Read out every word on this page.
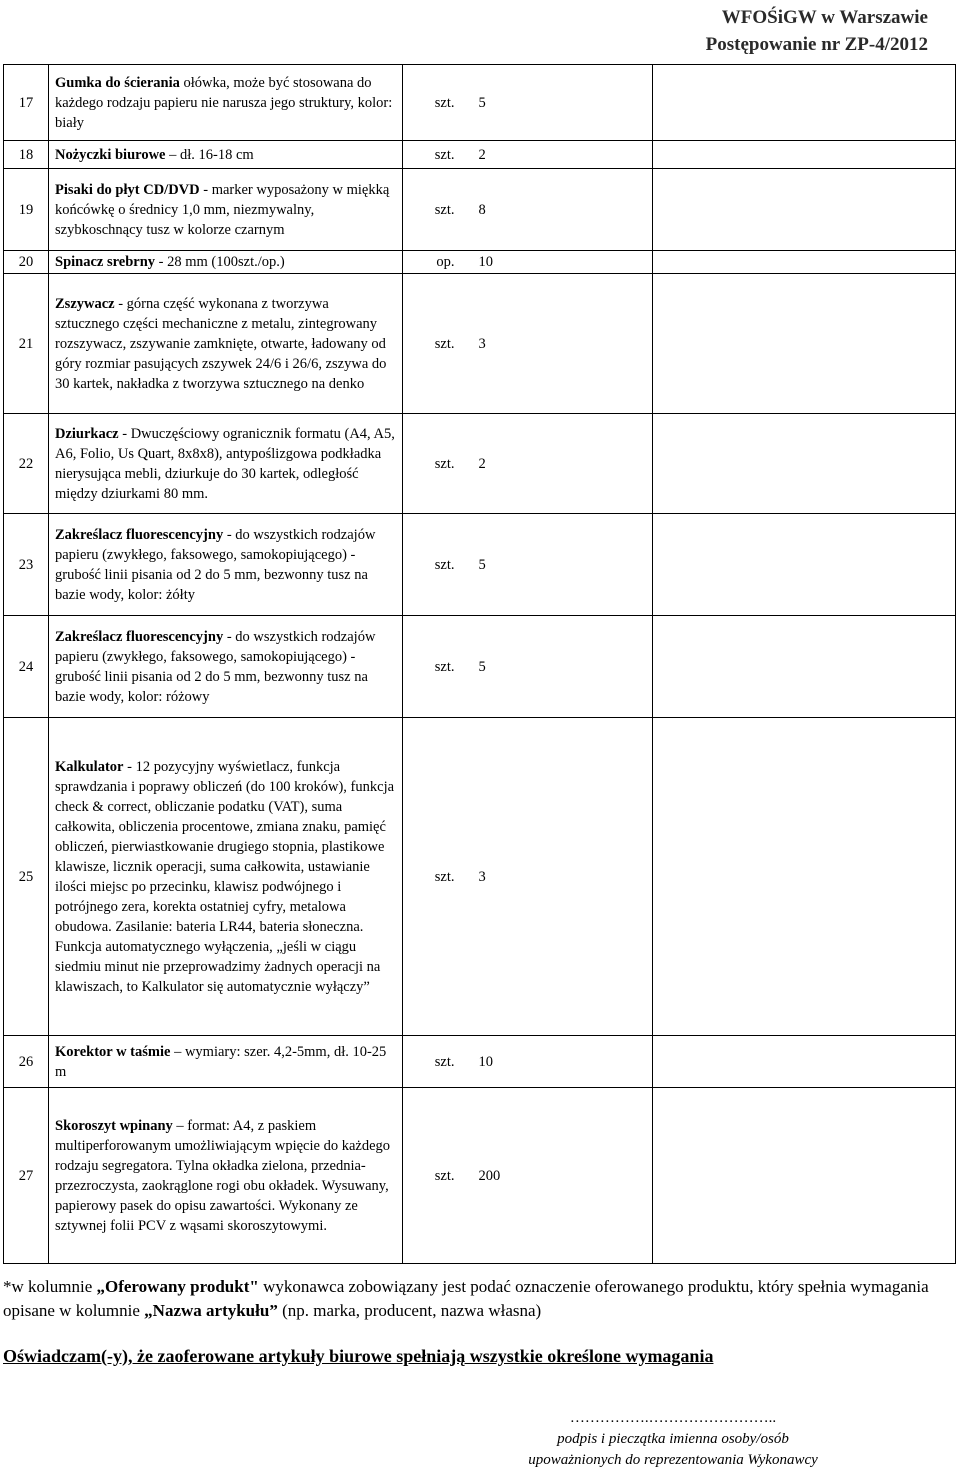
WFOŚiGW w Warszawie
Postępowanie nr ZP-4/2012
17	Gumka do ścierania ołówka, może być stosowana do każdego rodzaju papieru nie narusza jego struktury, kolor: biały	szt.	5	
18	Nożyczki biurowe – dł. 16-18 cm	szt.	2	
19	Pisaki do płyt CD/DVD - marker wyposażony w miękką końcówkę o średnicy 1,0 mm, niezmywalny, szybkoschnący tusz w kolorze czarnym	szt.	8	
20	Spinacz srebrny - 28 mm (100szt./op.)	op.	10	
21	Zszywacz - górna część wykonana z tworzywa sztucznego części mechaniczne z metalu, zintegrowany rozszywacz, zszywanie zamknięte, otwarte, ładowany od góry rozmiar pasujących zszywek 24/6 i 26/6, zszywa do 30 kartek, nakładka z tworzywa sztucznego na denko	szt.	3	
22	Dziurkacz - Dwuczęściowy ogranicznik formatu (A4, A5, A6, Folio, Us Quart, 8x8x8), antypoślizgowa podkładka nierysująca mebli, dziurkuje do 30 kartek, odległość między dziurkami 80 mm.	szt.	2	
23	Zakreślacz fluorescencyjny - do wszystkich rodzajów papieru (zwykłego, faksowego, samokopiującego) - grubość linii pisania od 2 do 5 mm, bezwonny tusz na bazie wody, kolor: żółty	szt.	5	
24	Zakreślacz fluorescencyjny - do wszystkich rodzajów papieru (zwykłego, faksowego, samokopiującego) - grubość linii pisania od 2 do 5 mm, bezwonny tusz na bazie wody, kolor: różowy	szt.	5	
25	Kalkulator - 12 pozycyjny wyświetlacz, funkcja sprawdzania i poprawy obliczeń (do 100 kroków), funkcja check & correct, obliczanie podatku (VAT), suma całkowita, obliczenia procentowe, zmiana znaku, pamięć obliczeń, pierwiastkowanie drugiego stopnia, plastikowe klawisze, licznik operacji, suma całkowita, ustawianie ilości miejsc po przecinku, klawisz podwójnego i potrójnego zera, korekta ostatniej cyfry, metalowa obudowa. Zasilanie: bateria LR44, bateria słoneczna. Funkcja automatycznego wyłączenia, „jeśli w ciągu siedmiu minut nie przeprowadzimy żadnych operacji na klawiszach, to Kalkulator się automatycznie wyłączy”	szt.	3	
26	Korektor w taśmie – wymiary: szer. 4,2-5mm, dł. 10-25 m	szt.	10	
27	Skoroszyt wpinany – format: A4, z paskiem multiperforowanym umożliwiającym wpięcie do każdego rodzaju segregatora. Tylna okładka zielona, przednia-przezroczysta, zaokrąglone rogi obu okładek. Wysuwany, papierowy pasek do opisu zawartości. Wykonany ze sztywnej folii PCV z wąsami skoroszytowymi.	szt.	200	
*w kolumnie „Oferowany produkt" wykonawca zobowiązany jest podać oznaczenie oferowanego produktu, który spełnia wymagania opisane w kolumnie „Nazwa artykułu” (np. marka, producent, nazwa własna)
Oświadczam(-y), że zaoferowane artykuły biurowe spełniają wszystkie określone wymagania
…………….……………………..
podpis i pieczątka imienna osoby/osób
upoważnionych do reprezentowania Wykonawcy
